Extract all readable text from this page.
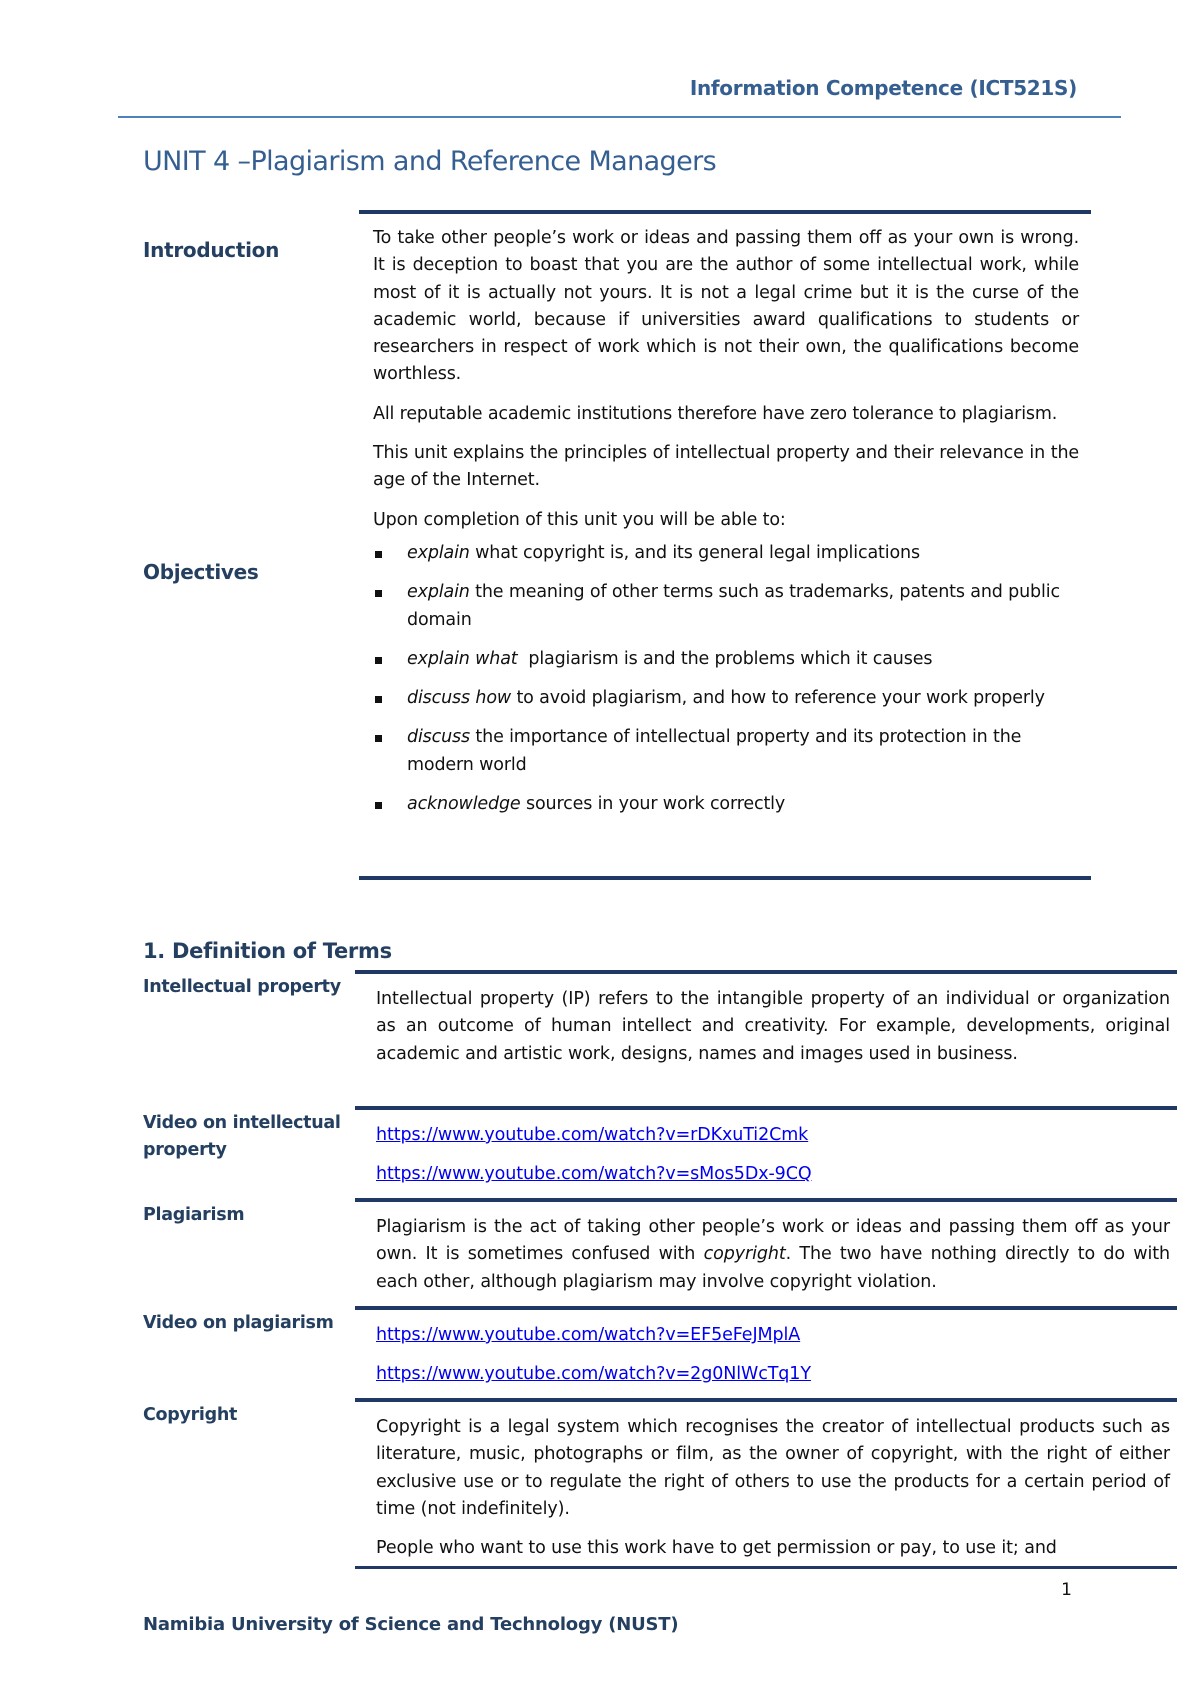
Information Competence (ICT521S)
UNIT 4 –Plagiarism and Reference Managers
Introduction
Objectives

To take other people’s work or ideas and passing them off as your own is wrong. It is deception to boast that you are the author of some intellectual work, while most of it is actually not yours. It is not a legal crime but it is the curse of the academic world, because if universities award qualifications to students or researchers in respect of work which is not their own, the qualifications become worthless.

All reputable academic institutions therefore have zero tolerance to plagiarism.

This unit explains the principles of intellectual property and their relevance in the age of the Internet.

Upon completion of this unit you will be able to:

explain what copyright is, and its general legal implications
explain the meaning of other terms such as trademarks, patents and public domain
explain what  plagiarism is and the problems which it causes
discuss how to avoid plagiarism, and how to reference your work properly
discuss the importance of intellectual property and its protection in the modern world
acknowledge sources in your work correctly
1. Definition of Terms
Intellectual property

Intellectual property (IP) refers to the intangible property of an individual or organization as an outcome of human intellect and creativity. For example, developments, original academic and artistic work, designs, names and images used in business.

Video on intellectual property
https://www.youtube.com/watch?v=rDKxuTi2Cmk
https://www.youtube.com/watch?v=sMos5Dx-9CQ
Plagiarism

Plagiarism is the act of taking other people’s work or ideas and passing them off as your own. It is sometimes confused with copyright. The two have nothing directly to do with each other, although plagiarism may involve copyright violation.

Video on plagiarism
https://www.youtube.com/watch?v=EF5eFeJMplA
https://www.youtube.com/watch?v=2g0NlWcTq1Y
Copyright

Copyright is a legal system which recognises the creator of intellectual products such as literature, music, photographs or film, as the owner of copyright, with the right of either exclusive use or to regulate the right of others to use the products for a certain period of time (not indefinitely).

People who want to use this work have to get permission or pay, to use it; and

1
Namibia University of Science and Technology (NUST)
